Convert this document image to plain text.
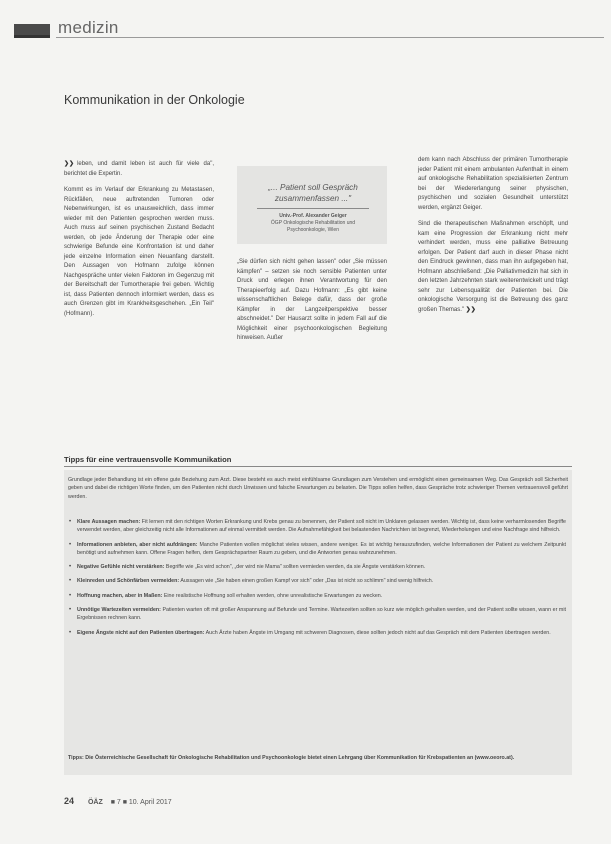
medizin
Kommunikation in der Onkologie

❯❯ leben, und damit leben ist auch für viele da", berichtet die Expertin.

Kommt es im Verlauf der Erkrankung zu Metastasen, Rückfällen, neue auftretenden Tumoren oder Nebenwirkungen, ist es unausweichlich, dass immer wieder mit den Patienten gesprochen werden muss. Auch muss auf seinen psychischen Zustand Bedacht werden, ob jede Änderung der Therapie oder eine schwierige Befunde eine Konfrontation ist und daher jede einzelne Information einen Neuanfang darstellt. Den Aussagen von Hofmann zufolge können Nachgespräche unter vielen Faktoren im Gegenzug mit der Bereitschaft der Tumortherapie frei geben. Wichtig ist, dass Patienten dennoch informiert werden, dass es auch Grenzen gibt im Krankheitsgeschehen. „Ein Teil" (Hofmann).

„... Patient soll Gespräch zusammenfassen ..."
Univ.-Prof. Alexander Geiger
ÖGP Onkologische Rehabilitation und Psychoonkologie, Wien

„Sie dürfen sich nicht gehen lassen" oder „Sie müssen kämpfen" – setzen sie noch sensible Patienten unter Druck und erlegen ihnen Verantwortung für den Therapieerfolg auf. Dazu Hofmann: „Es gibt keine wissenschaftlichen Belege dafür, dass der große Kämpfer in der Langzeitperspektive besser abschneidet." Der Hausarzt sollte in jedem Fall auf die Möglichkeit einer psychoonkologischen Begleitung hinweisen. Außer

dem kann nach Abschluss der primären Tumortherapie jeder Patient mit einem ambulanten Aufenthalt in einem auf onkologische Rehabilitation spezialisierten Zentrum bei der Wiedererlangung seiner physischen, psychischen und sozialen Gesundheit unterstützt werden, ergänzt Geiger.

Sind die therapeutischen Maßnahmen erschöpft, und kam eine Progression der Erkrankung nicht mehr verhindert werden, muss eine palliative Betreuung erfolgen. Der Patient darf auch in dieser Phase nicht den Eindruck gewinnen, dass man ihn aufgegeben hat, Hofmann abschließend: „Die Palliativmedizin hat sich in den letzten Jahrzehnten stark weiterentwickelt und trägt sehr zur Lebensqualität der Patienten bei. Die onkologische Versorgung ist die Betreuung des ganz großen Themas." ❯❯

Tipps für eine vertrauensvolle Kommunikation
Grundlage jeder Behandlung ist ein offene gute Beziehung zum Arzt. Diese besteht es auch meist einfühlsame Grundlagen zum Verstehen und ermöglicht einen gemeinsamen Weg. Das Gespräch soll Sicherheit geben und dabei die richtigen Worte finden, um den Patienten nicht durch Unwissen und falsche Erwartungen zu belasten. Die Tipps sollen helfen, dass Gespräche trotz schwieriger Themen vertrauensvoll geführt werden.
• Klare Aussagen machen: Fit lernen mit den richtigen Worten Erkrankung und Krebs genau zu benennen, der Patient soll nicht im Unklaren gelassen werden. Wichtig ist, dass keine verharmlosenden Begriffe verwendet werden, aber gleichzeitig nicht alle Informationen auf einmal vermittelt werden. Die Aufnahmefähigkeit bei belastenden Nachrichten ist begrenzt, Wiederholungen und eine Nachfrage sind hilfreich.
• Informationen anbieten, aber nicht aufdrängen: Manche Patienten wollen möglichst vieles wissen, andere weniger. Es ist wichtig herauszufinden, welche Informationen der Patient zu welchem Zeitpunkt benötigt und aufnehmen kann. Offene Fragen helfen, dem Gesprächspartner Raum zu geben, und die Antworten genau wahrzunehmen.
• Negative Gefühle nicht verstärken: Begriffe wie „Es wird schon", „der wird nie Mama" sollten vermieden werden, da sie Ängste verstärken können.
• Kleinreden und Schönfärben vermeiden: Aussagen wie „Sie haben einen großen Kampf vor sich" oder „Das ist nicht so schlimm" sind wenig hilfreich.
• Hoffnung machen, aber in Maßen: Eine realistische Hoffnung soll erhalten werden, ohne unrealistische Erwartungen zu wecken.
• Unnötige Wartezeiten vermeiden: Patienten warten oft mit großer Anspannung auf Befunde und Termine. Wartezeiten sollten so kurz wie möglich gehalten werden, und der Patient sollte wissen, wann er mit Ergebnissen rechnen kann.
• Eigene Ängste nicht auf den Patienten übertragen: Auch Ärzte haben Ängste im Umgang mit schweren Diagnosen, diese sollten jedoch nicht auf das Gespräch mit dem Patienten übertragen werden.
Tipps: Die Österreichische Gesellschaft für Onkologische Rehabilitation und Psychoonkologie bietet einen Lehrgang über Kommunikation für Krebspatienten an (www.oeoro.at).
24 ÖÄZ ■ 7 ■ 10. April 2017
